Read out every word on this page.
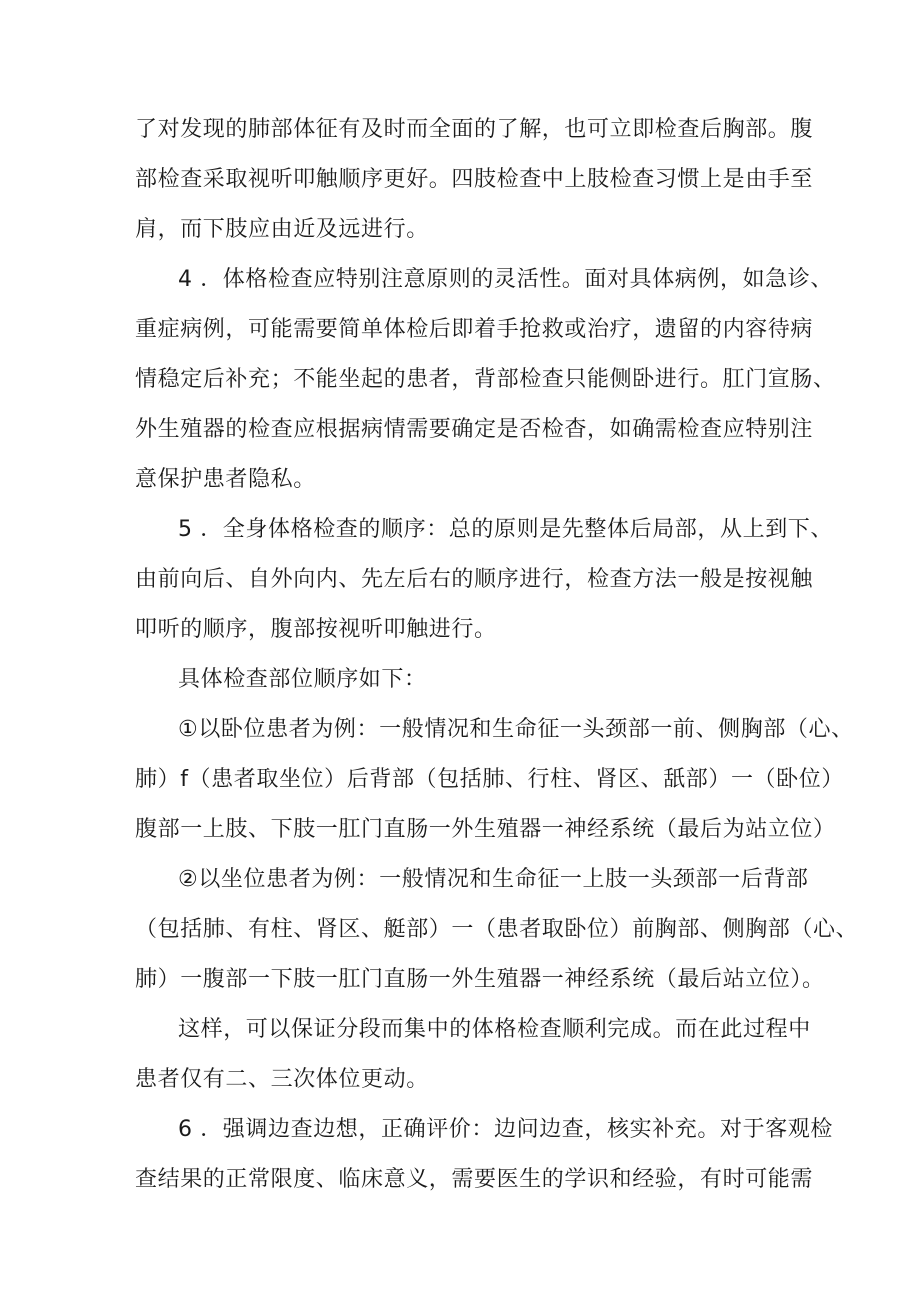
了对发现的肺部体征有及时而全面的了解，也可立即检查后胸部。腹
部检查采取视听叩触顺序更好。四肢检查中上肢检查习惯上是由手至
肩，而下肢应由近及远进行。
4 ．体格检查应特别注意原则的灵活性。面对具体病例，如急诊、
重症病例，可能需要简单体检后即着手抢救或治疗，遗留的内容待病
情稳定后补充；不能坐起的患者，背部检查只能侧卧进行。肛门宣肠、
外生殖器的检查应根据病情需要确定是否检杳，如确需检查应特别注
意保护患者隐私。
5 ．全身体格检查的顺序：总的原则是先整体后局部，从上到下、
由前向后、自外向内、先左后右的顺序进行，检查方法一般是按视触
叩听的顺序，腹部按视听叩触进行。
具体检查部位顺序如下：
①以卧位患者为例：一般情况和生命征一头颈部一前、侧胸部（心、
肺）f（患者取坐位）后背部（包括肺、行柱、肾区、舐部）一（卧位）
腹部一上肢、下肢一肛门直肠一外生殖器一神经系统（最后为站立位）
②以坐位患者为例：一般情况和生命征一上肢一头颈部一后背部
（包括肺、有柱、肾区、艇部）一（患者取卧位）前胸部、侧胸部（心、
肺）一腹部一下肢一肛门直肠一外生殖器一神经系统（最后站立位）。
这样，可以保证分段而集中的体格检查顺利完成。而在此过程中
患者仅有二、三次体位更动。
6 ．强调边查边想，正确评价：边问边查，核实补充。对于客观检
查结果的正常限度、临床意义，需要医生的学识和经验，有时可能需
